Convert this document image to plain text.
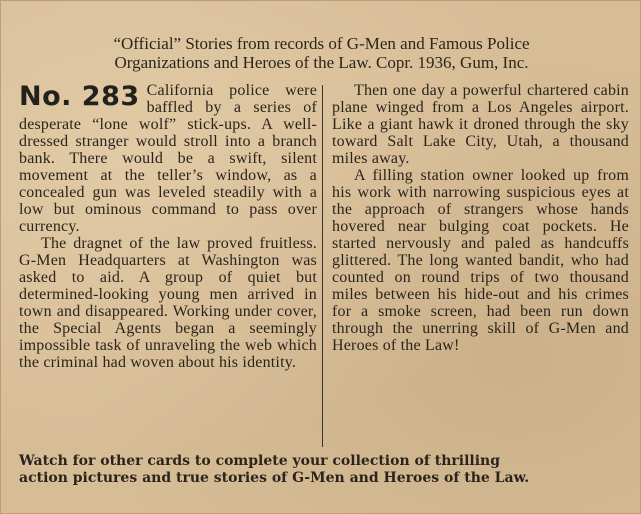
“Official” Stories from records of G-Men and Famous Police
Organizations and Heroes of the Law. Copr. 1936, Gum, Inc.
No. 283 California police were baffled by a series of desperate “lone wolf” stick-ups. A well-dressed stranger would stroll into a branch bank. There would be a swift, silent movement at the teller’s window, as a concealed gun was leveled steadily with a low but ominous command to pass over currency.

The dragnet of the law proved fruitless. G-Men Headquarters at Washington was asked to aid. A group of quiet but determined-looking young men arrived in town and disappeared. Working under cover, the Special Agents began a seemingly impossible task of unraveling the web which the criminal had woven about his identity.

Then one day a powerful chartered cabin plane winged from a Los Angeles airport. Like a giant hawk it droned through the sky toward Salt Lake City, Utah, a thousand miles away.

A filling station owner looked up from his work with narrowing suspicious eyes at the approach of strangers whose hands hovered near bulging coat pockets. He started nervously and paled as handcuffs glittered. The long wanted bandit, who had counted on round trips of two thousand miles between his hide-out and his crimes for a smoke screen, had been run down through the unerring skill of G-Men and Heroes of the Law!

Watch for other cards to complete your collection of thrilling
action pictures and true stories of G-Men and Heroes of the Law.
